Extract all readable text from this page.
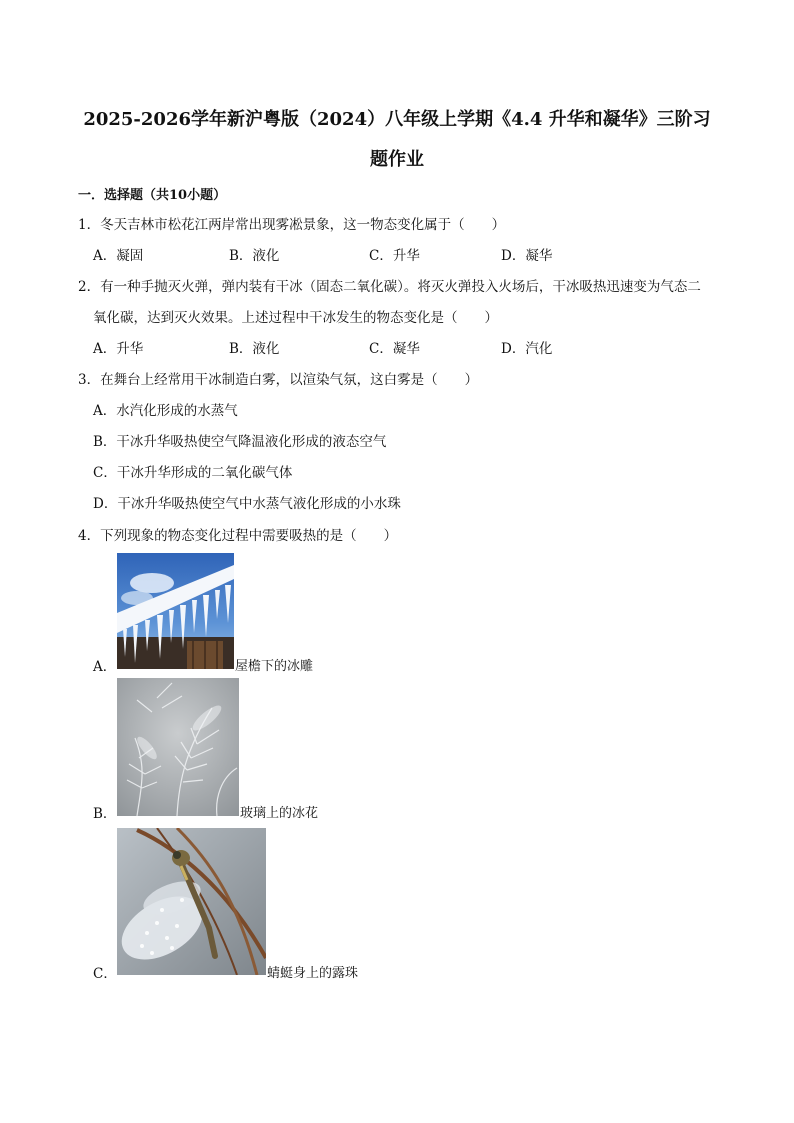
2025-2026学年新沪粤版（2024）八年级上学期《4.4 升华和凝华》三阶习
题作业
一．选择题（共10小题）
1．冬天吉林市松花江两岸常出现雾凇景象，这一物态变化属于（　　）
A．凝固	B．液化	C．升华	D．凝华
2．有一种手抛灭火弹，弹内装有干冰（固态二氧化碳）。将灭火弹投入火场后，干冰吸热迅速变为气态二
氧化碳，达到灭火效果。上述过程中干冰发生的物态变化是（　　）
A．升华	B．液化	C．凝华	D．汽化
3．在舞台上经常用干冰制造白雾，以渲染气氛，这白雾是（　　）
A．水汽化形成的水蒸气
B．干冰升华吸热使空气降温液化形成的液态空气
C．干冰升华形成的二氧化碳气体
D．干冰升华吸热使空气中水蒸气液化形成的小水珠
4．下列现象的物态变化过程中需要吸热的是（　　）
A．	屋檐下的冰雕
B．	玻璃上的冰花
C．	蜻蜓身上的露珠
